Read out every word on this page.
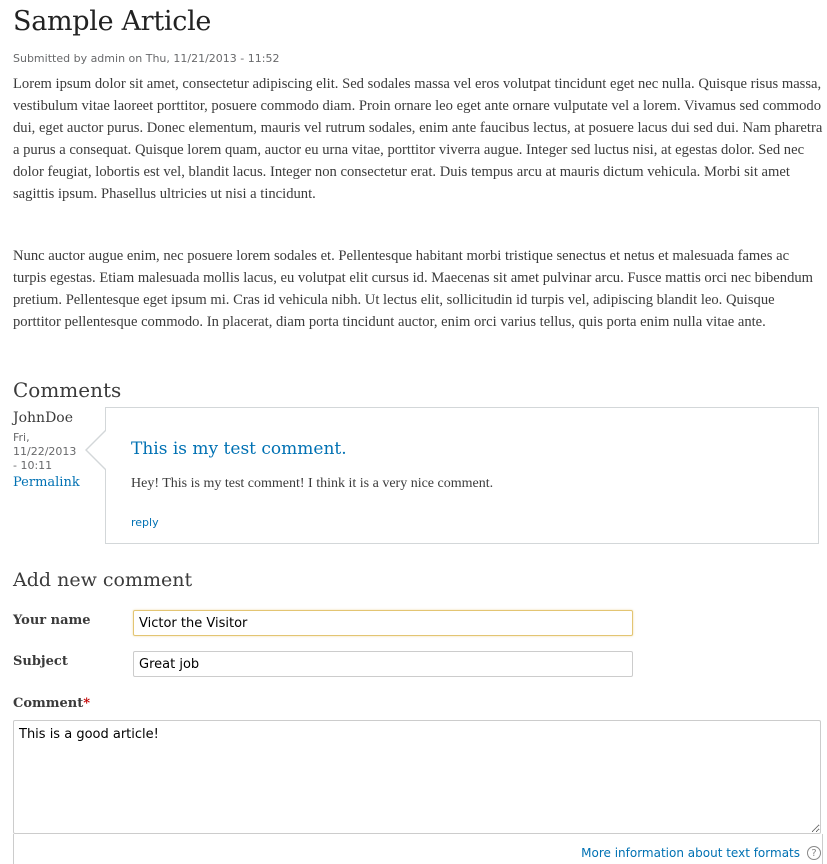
Sample Article
Submitted by admin on Thu, 11/21/2013 - 11:52

Lorem ipsum dolor sit amet, consectetur adipiscing elit. Sed sodales massa vel eros volutpat tincidunt eget nec nulla. Quisque risus massa, vestibulum vitae laoreet porttitor, posuere commodo diam. Proin ornare leo eget ante ornare vulputate vel a lorem. Vivamus sed commodo dui, eget auctor purus. Donec elementum, mauris vel rutrum sodales, enim ante faucibus lectus, at posuere lacus dui sed dui. Nam pharetra a purus a consequat. Quisque lorem quam, auctor eu urna vitae, porttitor viverra augue. Integer sed luctus nisi, at egestas dolor. Sed nec dolor feugiat, lobortis est vel, blandit lacus. Integer non consectetur erat. Duis tempus arcu at mauris dictum vehicula. Morbi sit amet sagittis ipsum. Phasellus ultricies ut nisi a tincidunt.

Nunc auctor augue enim, nec posuere lorem sodales et. Pellentesque habitant morbi tristique senectus et netus et malesuada fames ac turpis egestas. Etiam malesuada mollis lacus, eu volutpat elit cursus id. Maecenas sit amet pulvinar arcu. Fusce mattis orci nec bibendum pretium. Pellentesque eget ipsum mi. Cras id vehicula nibh. Ut lectus elit, sollicitudin id turpis vel, adipiscing blandit leo. Quisque porttitor pellentesque commodo. In placerat, diam porta tincidunt auctor, enim orci varius tellus, quis porta enim nulla vitae ante.

Comments
JohnDoe
Fri, 11/22/2013 - 10:11
Permalink
This is my test comment.
Hey! This is my test comment! I think it is a very nice comment.
reply
Add new comment
Your name
Victor the Visitor
Subject
Great job
Comment*
This is a good article!
More information about text formats	?
